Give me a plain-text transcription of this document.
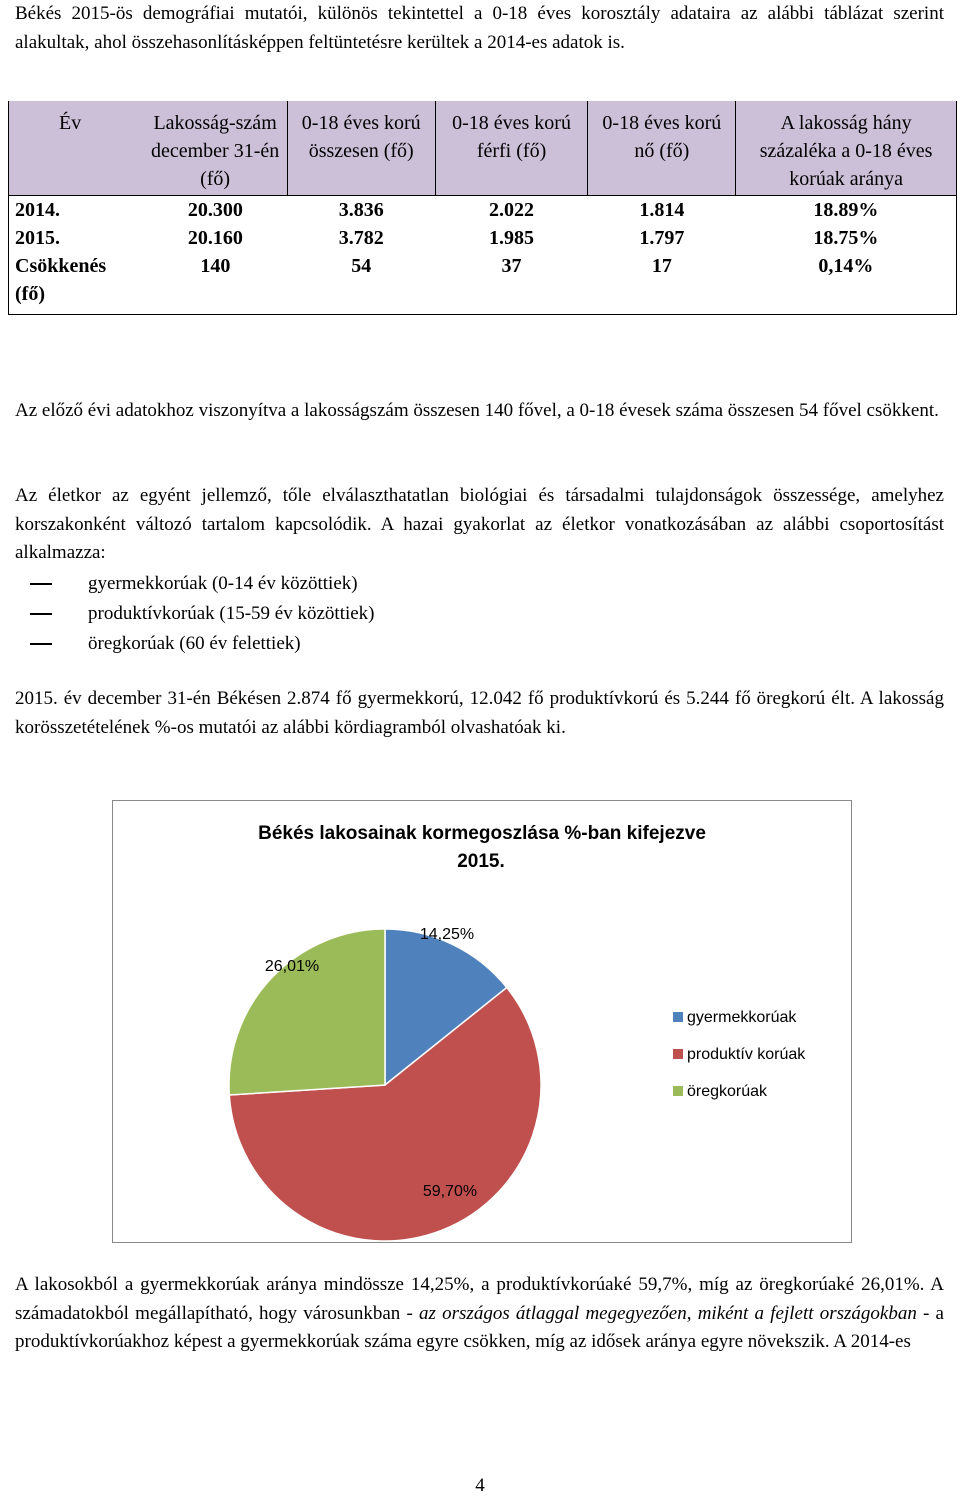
Békés 2015-ös demográfiai mutatói, különös tekintettel a 0-18 éves korosztály adataira az alábbi táblázat szerint alakultak, ahol összehasonlításképpen feltüntetésre kerültek a 2014-es adatok is.

Év	Lakosság-szám december 31-én (fő)	0-18 éves korú összesen (fő)	0-18 éves korú férfi (fő)	0-18 éves korú nő (fő)	A lakosság hány százaléka a 0-18 éves korúak aránya
2014.	20.300	3.836	2.022	1.814	18.89%
2015.	20.160	3.782	1.985	1.797	18.75%
Csökkenés (fő)	140	54	37	17	0,14%

Az előző évi adatokhoz viszonyítva a lakosságszám összesen 140 fővel, a 0-18 évesek száma összesen 54 fővel csökkent.

Az életkor az egyént jellemző, tőle elválaszthatatlan biológiai és társadalmi tulajdonságok összessége, amelyhez korszakonként változó tartalom kapcsolódik. A hazai gyakorlat az életkor vonatkozásában az alábbi csoportosítást alkalmazza:

gyermekkorúak (0-14 év közöttiek)
produktívkorúak (15-59 év közöttiek)
öregkorúak (60 év felettiek)

2015. év december 31-én Békésen 2.874 fő gyermekkorú, 12.042 fő produktívkorú és 5.244 fő öregkorú élt. A lakosság korösszetételének %-os mutatói az alábbi kördiagramból olvashatóak ki.

Békés lakosainak kormegoszlása %-ban kifejezve
2015.
14,25%
59,70%
26,01%
gyermekkorúak
produktív korúak
öregkorúak

A lakosokból a gyermekkorúak aránya mindössze 14,25%, a produktívkorúaké 59,7%, míg az öregkorúaké 26,01%. A számadatokból megállapítható, hogy városunkban - az országos átlaggal megegyezően, miként a fejlett országokban - a produktívkorúakhoz képest a gyermekkorúak száma egyre csökken, míg az idősek aránya egyre növekszik. A 2014-es

4
